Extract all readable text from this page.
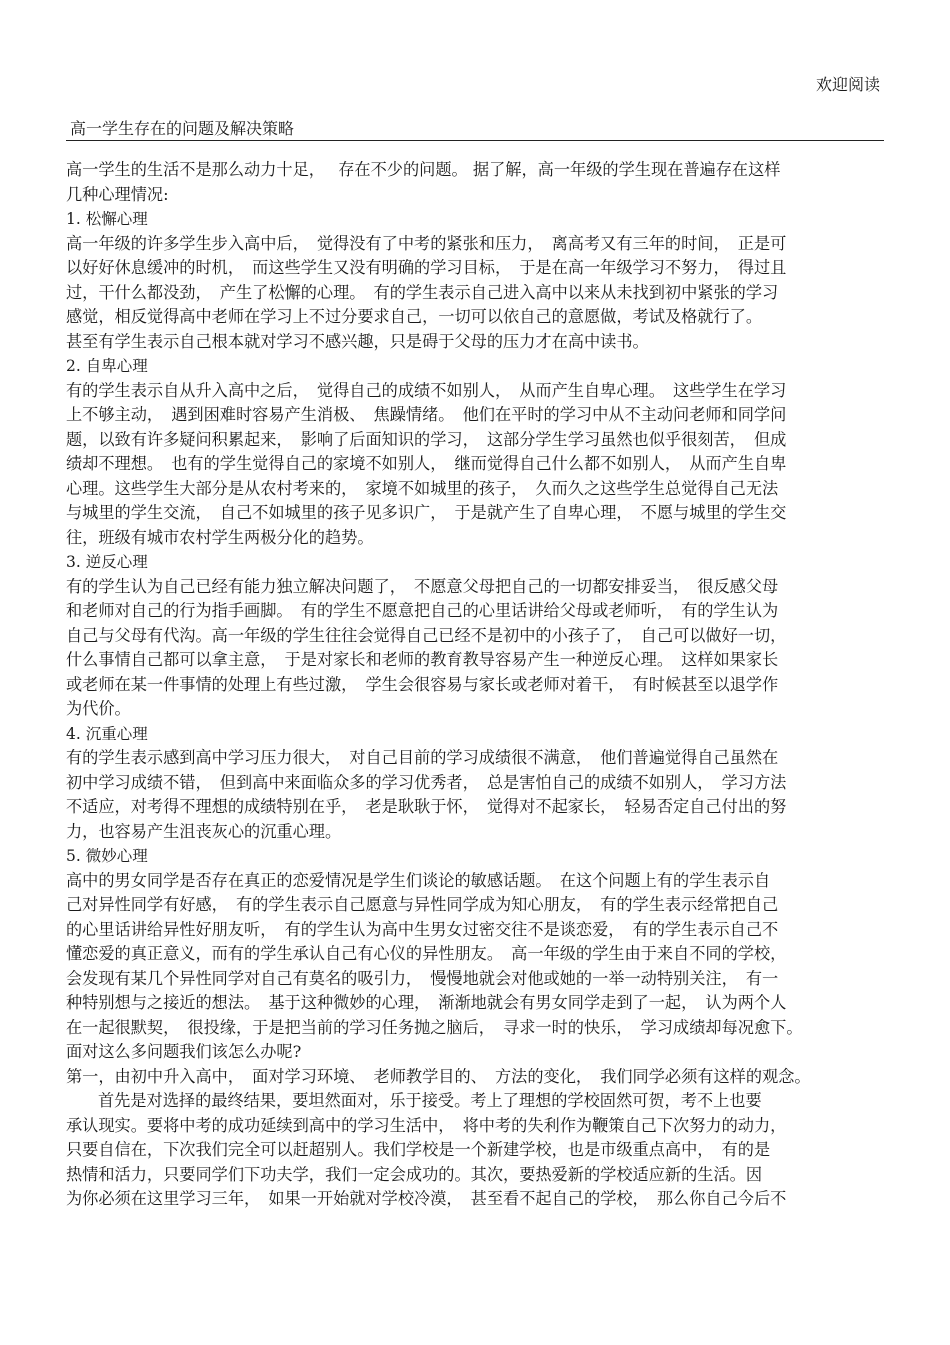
欢迎阅读
高一学生存在的问题及解决策略
高一学生的生活不是那么动力十足，　 存在不少的问题。 据了解，高一年级的学生现在普遍存在这样
几种心理情况:
1. 松懈心理
高一年级的许多学生步入高中后，　觉得没有了中考的紧张和压力，　离高考又有三年的时间，　正是可
以好好休息缓冲的时机，　而这些学生又没有明确的学习目标，　于是在高一年级学习不努力，　得过且
过，干什么都没劲，　产生了松懈的心理。　有的学生表示自己进入高中以来从未找到初中紧张的学习
感觉，相反觉得高中老师在学习上不过分要求自己，一切可以依自己的意愿做，考试及格就行了。
甚至有学生表示自己根本就对学习不感兴趣，只是碍于父母的压力才在高中读书。
2. 自卑心理
有的学生表示自从升入高中之后，　觉得自己的成绩不如别人，　从而产生自卑心理。　这些学生在学习
上不够主动，　遇到困难时容易产生消极、　焦躁情绪。　他们在平时的学习中从不主动问老师和同学问
题，以致有许多疑问积累起来，　影响了后面知识的学习，　这部分学生学习虽然也似乎很刻苦，　但成
绩却不理想。　也有的学生觉得自己的家境不如别人，　继而觉得自己什么都不如别人，　从而产生自卑
心理。这些学生大部分是从农村考来的，　家境不如城里的孩子，　久而久之这些学生总觉得自己无法
与城里的学生交流，　自己不如城里的孩子见多识广，　于是就产生了自卑心理，　不愿与城里的学生交
往，班级有城市农村学生两极分化的趋势。
3. 逆反心理
有的学生认为自己已经有能力独立解决问题了，　不愿意父母把自己的一切都安排妥当，　很反感父母
和老师对自己的行为指手画脚。　有的学生不愿意把自己的心里话讲给父母或老师听，　有的学生认为
自己与父母有代沟。高一年级的学生往往会觉得自己已经不是初中的小孩子了，　自己可以做好一切，
什么事情自己都可以拿主意，　于是对家长和老师的教育教导容易产生一种逆反心理。　这样如果家长
或老师在某一件事情的处理上有些过激，　学生会很容易与家长或老师对着干，　有时候甚至以退学作
为代价。
4. 沉重心理
有的学生表示感到高中学习压力很大，　对自己目前的学习成绩很不满意，　他们普遍觉得自己虽然在
初中学习成绩不错，　但到高中来面临众多的学习优秀者，　总是害怕自己的成绩不如别人，　学习方法
不适应，对考得不理想的成绩特别在乎，　老是耿耿于怀，　觉得对不起家长，　轻易否定自己付出的努
力，也容易产生沮丧灰心的沉重心理。
5. 微妙心理
高中的男女同学是否存在真正的恋爱情况是学生们谈论的敏感话题。　在这个问题上有的学生表示自
己对异性同学有好感，　有的学生表示自己愿意与异性同学成为知心朋友，　有的学生表示经常把自己
的心里话讲给异性好朋友听，　有的学生认为高中生男女过密交往不是谈恋爱，　有的学生表示自己不
懂恋爱的真正意义，而有的学生承认自己有心仪的异性朋友。　高一年级的学生由于来自不同的学校，
会发现有某几个异性同学对自己有莫名的吸引力，　慢慢地就会对他或她的一举一动特别关注，　有一
种特别想与之接近的想法。　基于这种微妙的心理，　渐渐地就会有男女同学走到了一起，　认为两个人
在一起很默契，　很投缘，于是把当前的学习任务抛之脑后，　寻求一时的快乐，　学习成绩却每况愈下。
面对这么多问题我们该怎么办呢?
第一，由初中升入高中，　面对学习环境、　老师教学目的、　方法的变化，　我们同学必须有这样的观念。
首先是对选择的最终结果，要坦然面对，乐于接受。考上了理想的学校固然可贺，考不上也要
承认现实。要将中考的成功延续到高中的学习生活中，　将中考的失利作为鞭策自己下次努力的动力，
只要自信在，下次我们完全可以赶超别人。我们学校是一个新建学校，也是市级重点高中，　有的是
热情和活力，只要同学们下功夫学，我们一定会成功的。其次，要热爱新的学校适应新的生活。因
为你必须在这里学习三年，　如果一开始就对学校冷漠，　甚至看不起自己的学校，　那么你自己今后不
